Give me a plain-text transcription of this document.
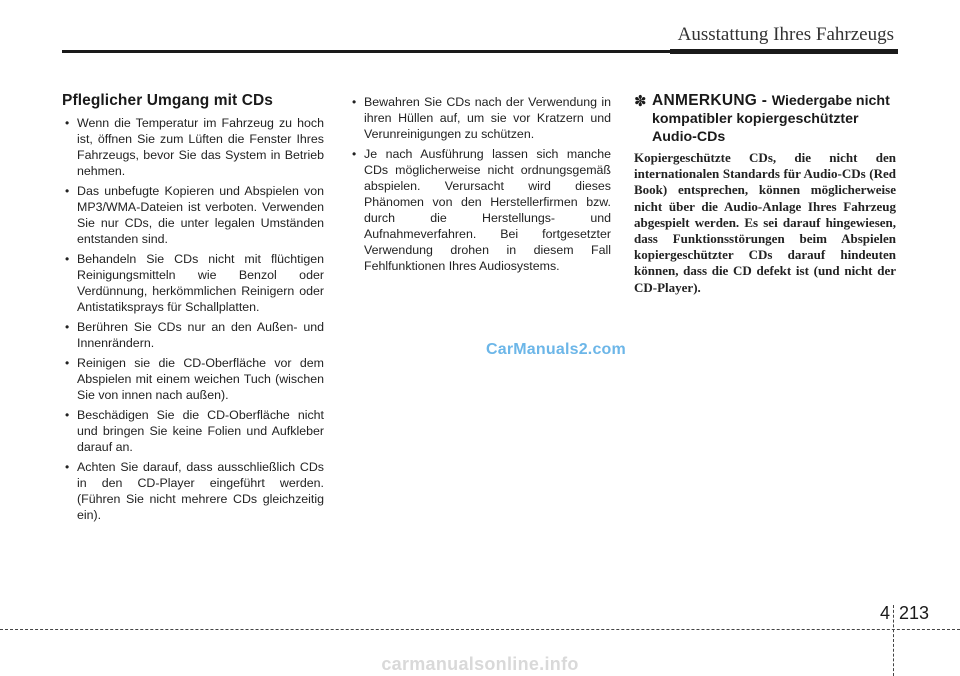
Ausstattung Ihres Fahrzeugs
Pfleglicher Umgang mit CDs
• Wenn die Temperatur im Fahrzeug zu hoch ist, öffnen Sie zum Lüften die Fenster Ihres Fahrzeugs, bevor Sie das System in Betrieb nehmen.
• Das unbefugte Kopieren und Abspielen von MP3/WMA-Dateien ist verboten. Verwenden Sie nur CDs, die unter legalen Umständen entstanden sind.
• Behandeln Sie CDs nicht mit flüchtigen Reinigungsmitteln wie Benzol oder Verdünnung, herkömmlichen Reinigern oder Antistatiksprays für Schallplatten.
• Berühren Sie CDs nur an den Außen- und Innenrändern.
• Reinigen sie die CD-Oberfläche vor dem Abspielen mit einem weichen Tuch (wischen Sie von innen nach außen).
• Beschädigen Sie die CD-Oberfläche nicht und bringen Sie keine Folien und Aufkleber darauf an.
• Achten Sie darauf, dass ausschließlich CDs in den CD-Player eingeführt werden. (Führen Sie nicht mehrere CDs gleichzeitig ein).
• Bewahren Sie CDs nach der Verwendung in ihren Hüllen auf, um sie vor Kratzern und Verunreinigungen zu schützen.
• Je nach Ausführung lassen sich manche CDs möglicherweise nicht ordnungsgemäß abspielen. Verursacht wird dieses Phänomen von den Herstellerfirmen bzw. durch die Herstellungs- und Aufnahmeverfahren. Bei fortgesetzter Verwendung drohen in diesem Fall Fehlfunktionen Ihres Audiosystems.
✽ ANMERKUNG - Wiedergabe nicht kompatibler kopiergeschützter Audio-CDs

Kopiergeschützte CDs, die nicht den internationalen Standards für Audio-CDs (Red Book) entsprechen, können möglicherweise nicht über die Audio-Anlage Ihres Fahrzeug abgespielt werden. Es sei darauf hingewiesen, dass Funktionsstörungen beim Abspielen kopiergeschützter CDs darauf hindeuten können, dass die CD defekt ist (und nicht der CD-Player).

CarManuals2.com
4 213
carmanualsonline.info
